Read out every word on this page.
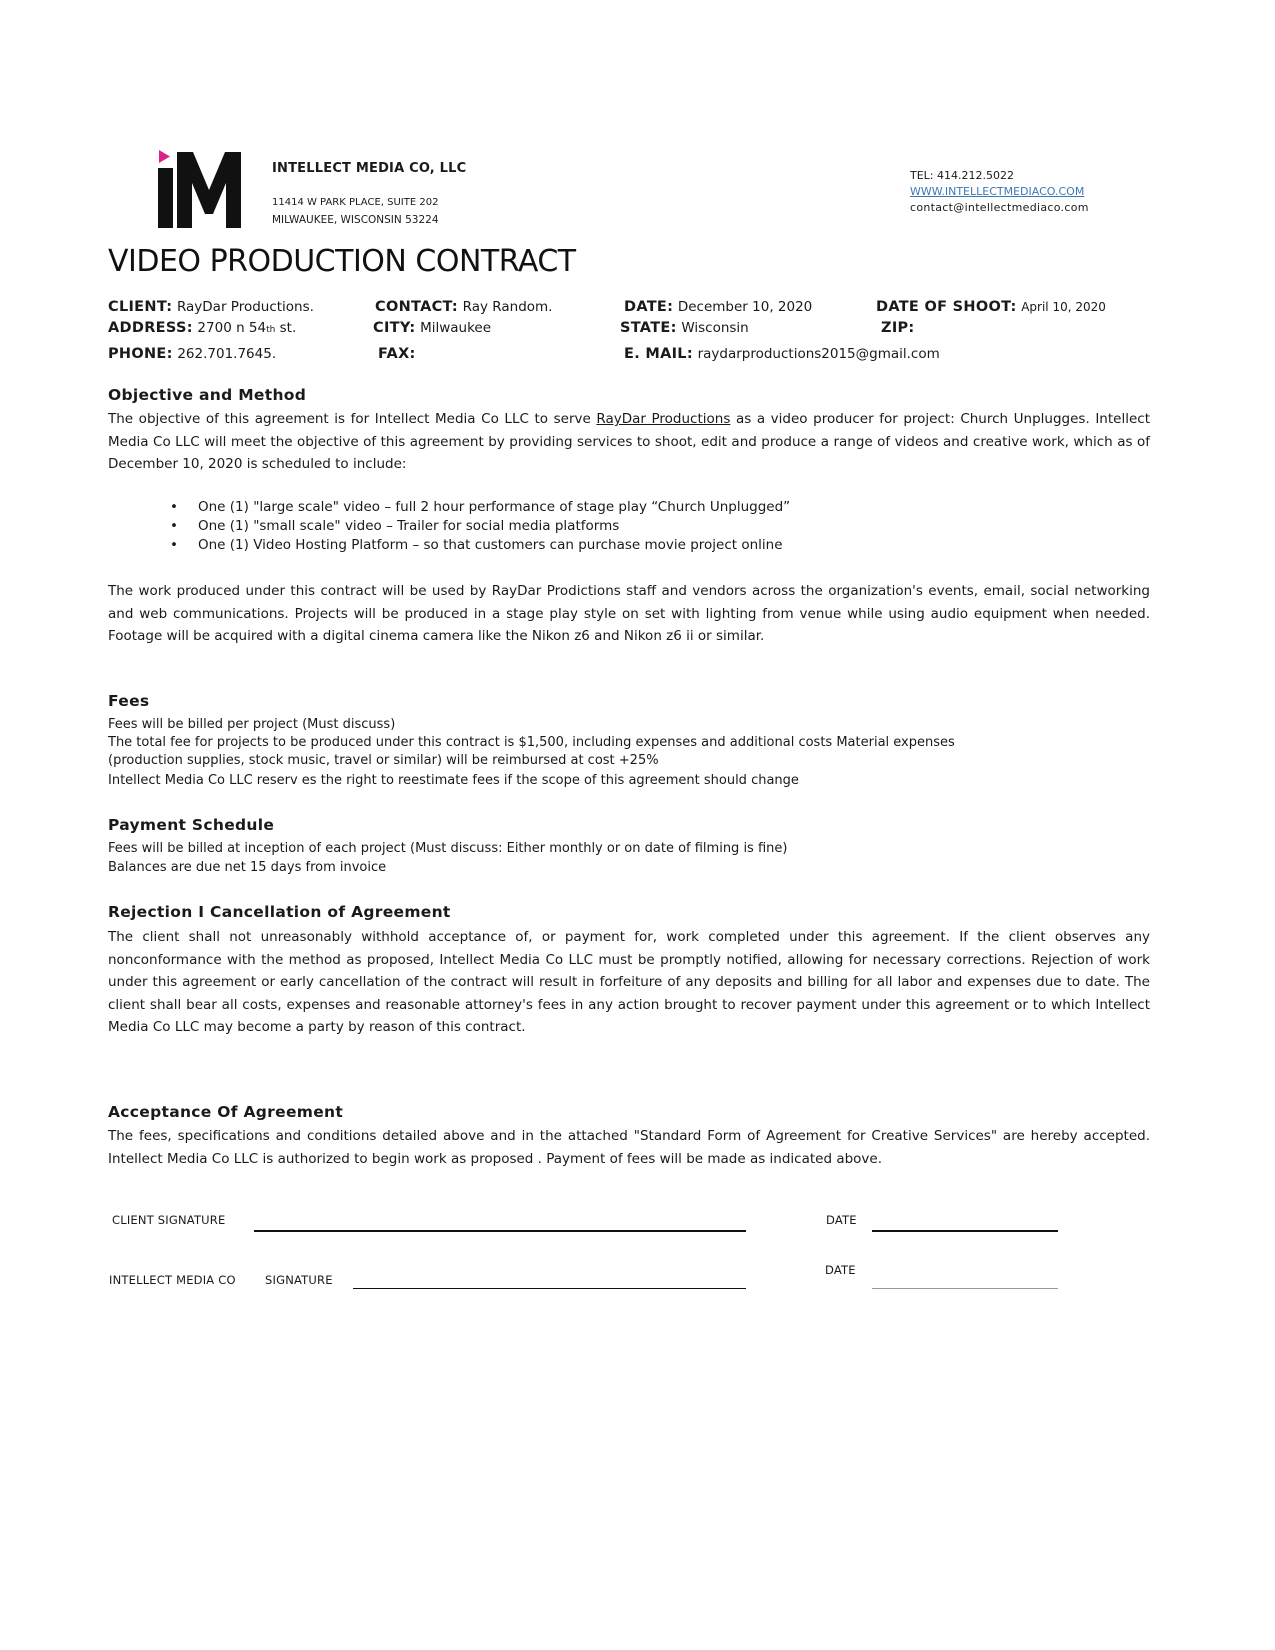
INTELLECT MEDIA CO, LLC
11414 W PARK PLACE, SUITE 202
MILWAUKEE, WISCONSIN 53224
TEL: 414.212.5022
WWW.INTELLECTMEDIACO.COM
contact@intellectmediaco.com
VIDEO PRODUCTION CONTRACT
CLIENT: RayDar Productions.	CONTACT: Ray Random.	DATE: December 10, 2020	DATE OF SHOOT: April 10, 2020
ADDRESS: 2700 n 54th st.	CITY: Milwaukee	STATE: Wisconsin	ZIP:
PHONE: 262.701.7645.	FAX:	E. MAIL: raydarproductions2015@gmail.com
Objective and Method
The objective of this agreement is for Intellect Media Co LLC to serve RayDar Productions as a video producer for project: Church Unplugges. Intellect Media Co LLC will meet the objective of this agreement by providing services to shoot, edit and produce a range of videos and creative work, which as of December 10, 2020 is scheduled to include:
• One (1) "large scale" video – full 2 hour performance of stage play “Church Unplugged”
• One (1) "small scale" video – Trailer for social media platforms
• One (1) Video Hosting Platform – so that customers can purchase movie project online
The work produced under this contract will be used by RayDar Prodictions staff and vendors across the organization's events, email, social networking and web communications. Projects will be produced in a stage play style on set with lighting from venue while using audio equipment when needed. Footage will be acquired with a digital cinema camera like the Nikon z6 and Nikon z6 ii or similar.
Fees
Fees will be billed per project (Must discuss)
The total fee for projects to be produced under this contract is $1,500, including expenses and additional costs Material expenses
(production supplies, stock music, travel or similar) will be reimbursed at cost +25%
Intellect Media Co LLC reserv es the right to reestimate fees if the scope of this agreement should change
Payment Schedule
Fees will be billed at inception of each project (Must discuss: Either monthly or on date of filming is fine)
Balances are due net 15 days from invoice
Rejection I Cancellation of Agreement
The client shall not unreasonably withhold acceptance of, or payment for, work completed under this agreement. If the client observes any nonconformance with the method as proposed, Intellect Media Co LLC must be promptly notified, allowing for necessary corrections. Rejection of work under this agreement or early cancellation of the contract will result in forfeiture of any deposits and billing for all labor and expenses due to date. The client shall bear all costs, expenses and reasonable attorney's fees in any action brought to recover payment under this agreement or to which Intellect Media Co LLC may become a party by reason of this contract.
Acceptance Of Agreement
The fees, specifications and conditions detailed above and in the attached "Standard Form of Agreement for Creative Services" are hereby accepted. Intellect Media Co LLC is authorized to begin work as proposed . Payment of fees will be made as indicated above.
CLIENT SIGNATURE	DATE
INTELLECT MEDIA CO	SIGNATURE
DATE
